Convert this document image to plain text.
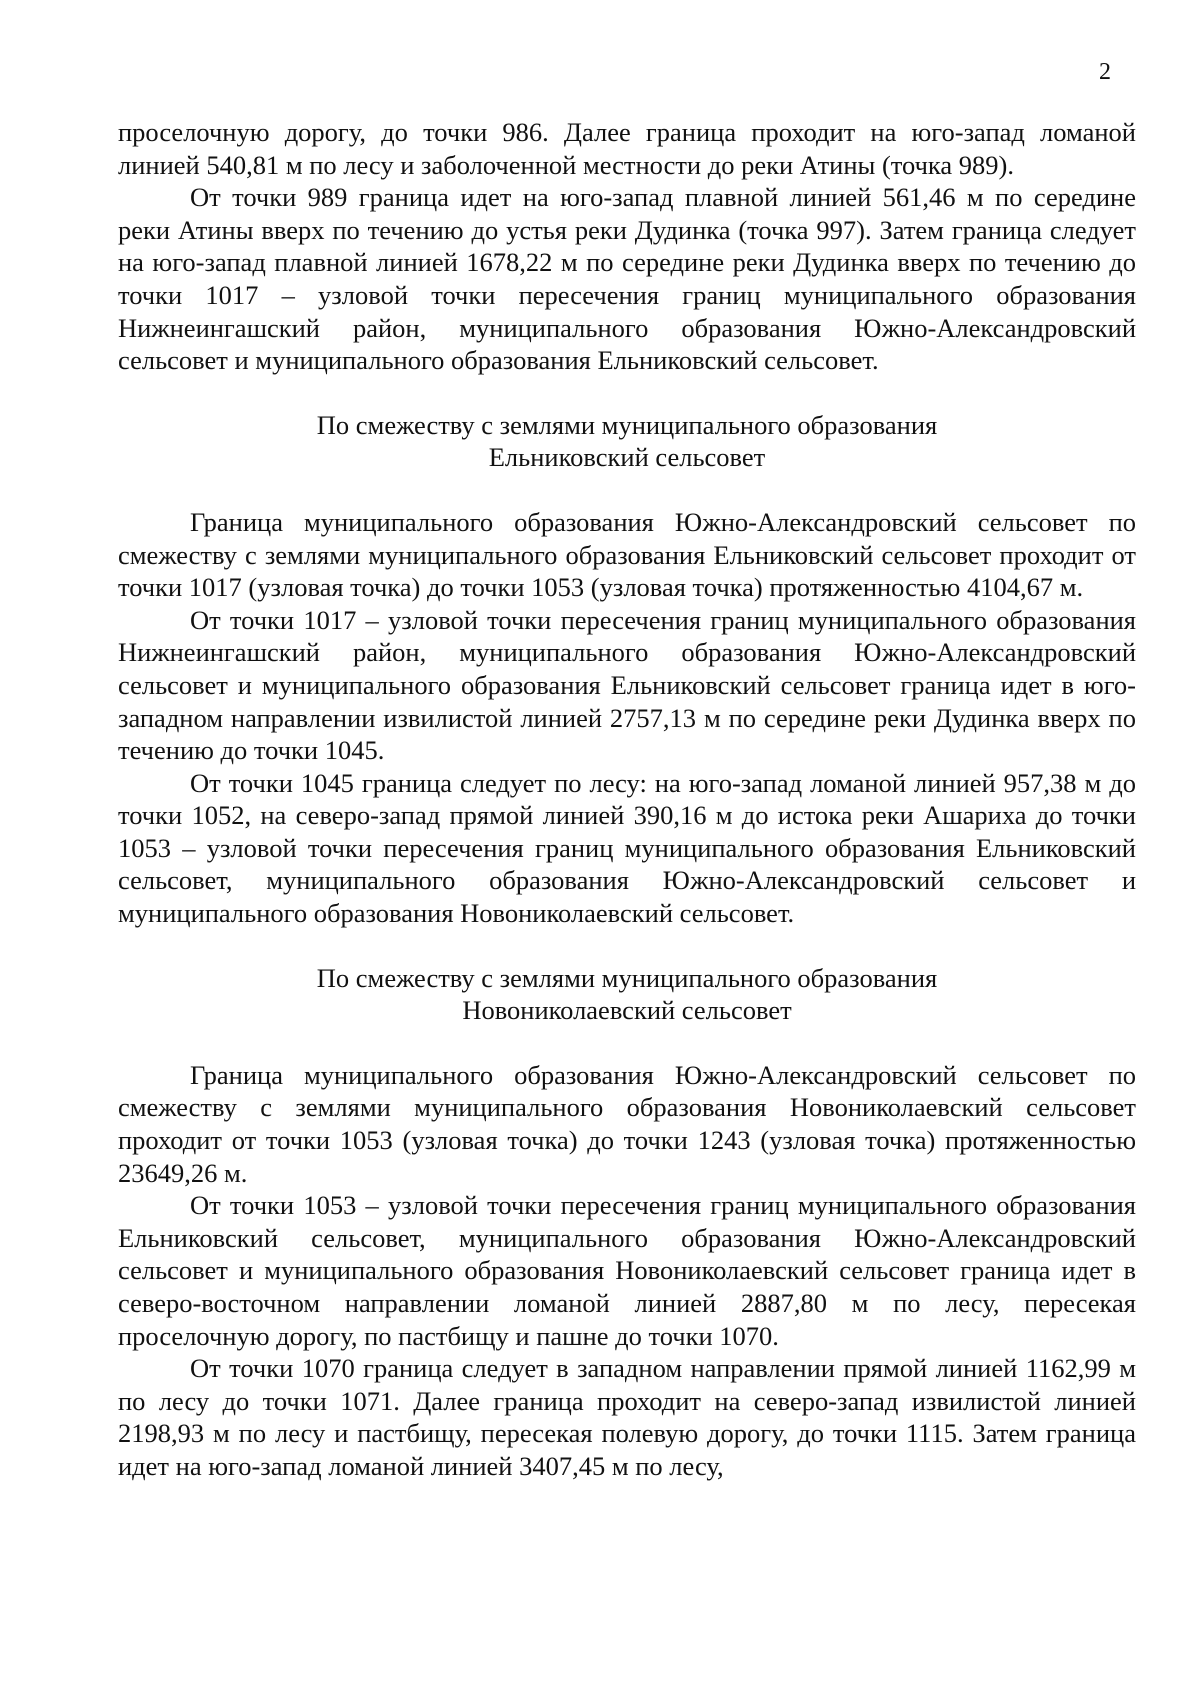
2

проселочную дорогу, до точки 986. Далее граница проходит на юго-запад ломаной линией 540,81 м по лесу и заболоченной местности до реки Атины (точка 989).

От точки 989 граница идет на юго-запад плавной линией 561,46 м по середине реки Атины вверх по течению до устья реки Дудинка (точка 997). Затем граница следует на юго-запад плавной линией 1678,22 м по середине реки Дудинка вверх по течению до точки 1017 – узловой точки пересечения границ муниципального образования Нижнеингашский район, муниципального образования Южно-Александровский сельсовет и муниципального образования Ельниковский сельсовет.

По смежеству с землями муниципального образования

Ельниковский сельсовет

Граница муниципального образования Южно-Александровский сельсовет по смежеству с землями муниципального образования Ельниковский сельсовет проходит от точки 1017 (узловая точка) до точки 1053 (узловая точка) протяженностью 4104,67 м.

От точки 1017 – узловой точки пересечения границ муниципального образования Нижнеингашский район, муниципального образования Южно-Александровский сельсовет и муниципального образования Ельниковский сельсовет граница идет в юго-западном направлении извилистой линией 2757,13 м по середине реки Дудинка вверх по течению до точки 1045.

От точки 1045 граница следует по лесу: на юго-запад ломаной линией 957,38 м до точки 1052, на северо-запад прямой линией 390,16 м до истока реки Ашариха до точки 1053 – узловой точки пересечения границ муниципального образования Ельниковский сельсовет, муниципального образования Южно-Александровский сельсовет и муниципального образования Новониколаевский сельсовет.

По смежеству с землями муниципального образования

Новониколаевский сельсовет

Граница муниципального образования Южно-Александровский сельсовет по смежеству с землями муниципального образования Новониколаевский сельсовет проходит от точки 1053 (узловая точка) до точки 1243 (узловая точка) протяженностью 23649,26 м.

От точки 1053 – узловой точки пересечения границ муниципального образования Ельниковский сельсовет, муниципального образования Южно-Александровский сельсовет и муниципального образования Новониколаевский сельсовет граница идет в северо-восточном направлении ломаной линией 2887,80 м по лесу, пересекая проселочную дорогу, по пастбищу и пашне до точки 1070.

От точки 1070 граница следует в западном направлении прямой линией 1162,99 м по лесу до точки 1071. Далее граница проходит на северо-запад извилистой линией 2198,93 м по лесу и пастбищу, пересекая полевую дорогу, до точки 1115. Затем граница идет на юго-запад ломаной линией 3407,45 м по лесу,
